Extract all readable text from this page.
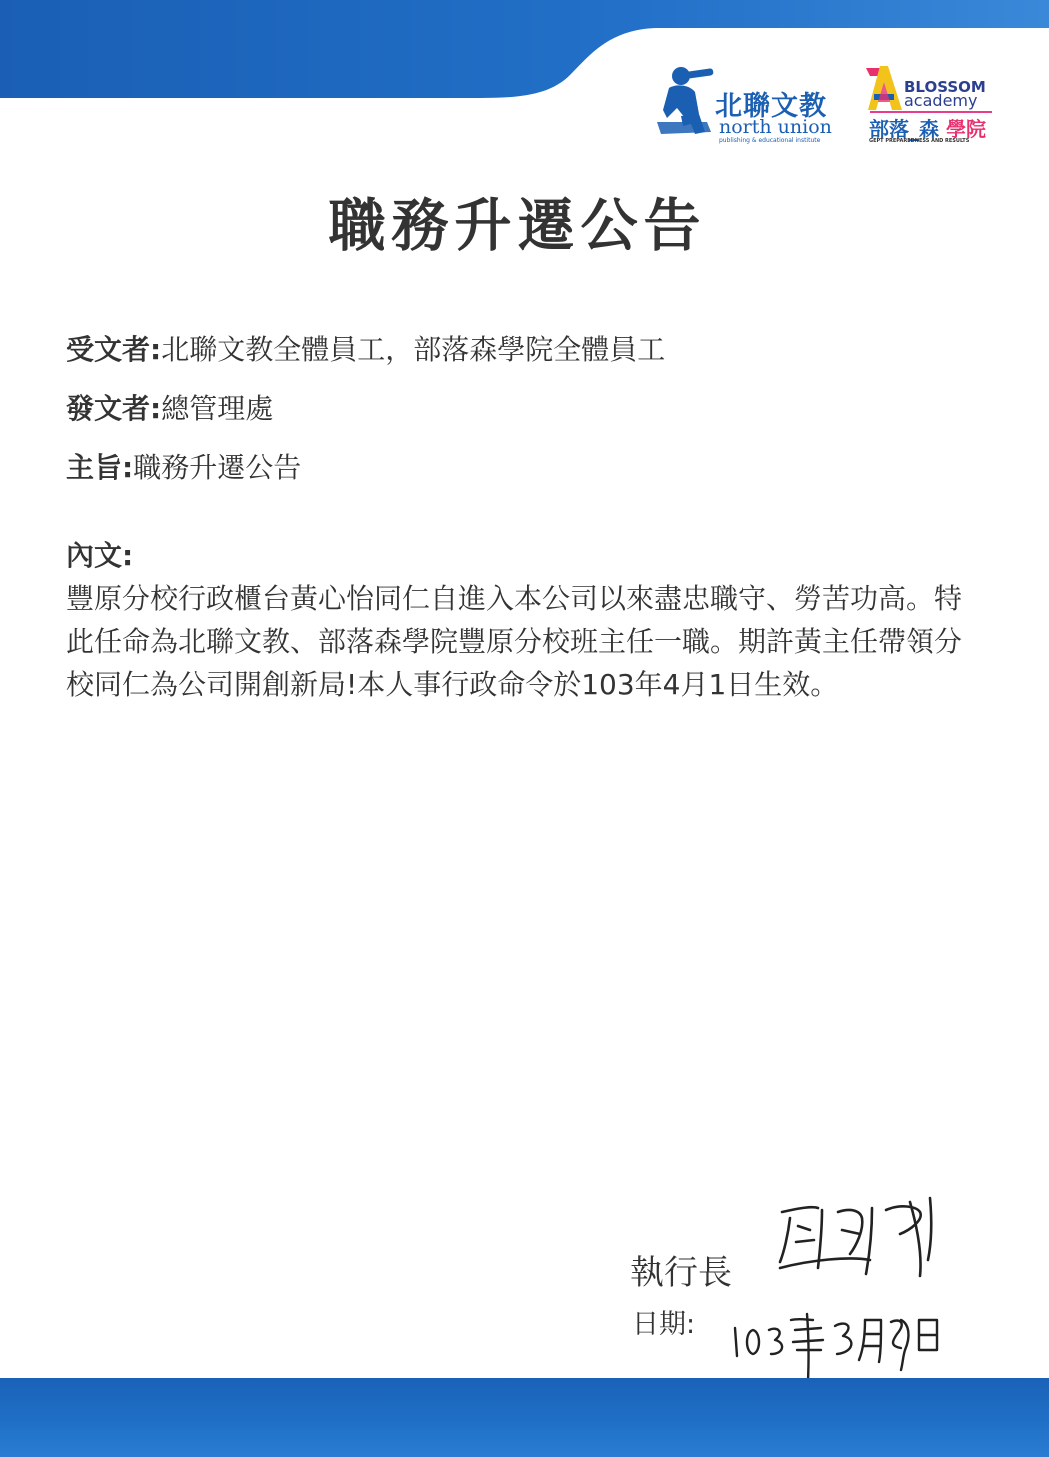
北聯文教
north union
publishing & educational institute
BLOSSOM
academy
部落_森 學院
GEPT PREPAREDNESS AND RESULTS
職務升遷公告
受文者:北聯文教全體員工，部落森學院全體員工
發文者:總管理處
主旨:職務升遷公告
內文:
豐原分校行政櫃台黃心怡同仁自進入本公司以來盡忠職守、勞苦功高。特此任命為北聯文教、部落森學院豐原分校班主任一職。期許黃主任帶領分校同仁為公司開創新局!本人事行政命令於103年4月1日生效。
執行長
日期:
